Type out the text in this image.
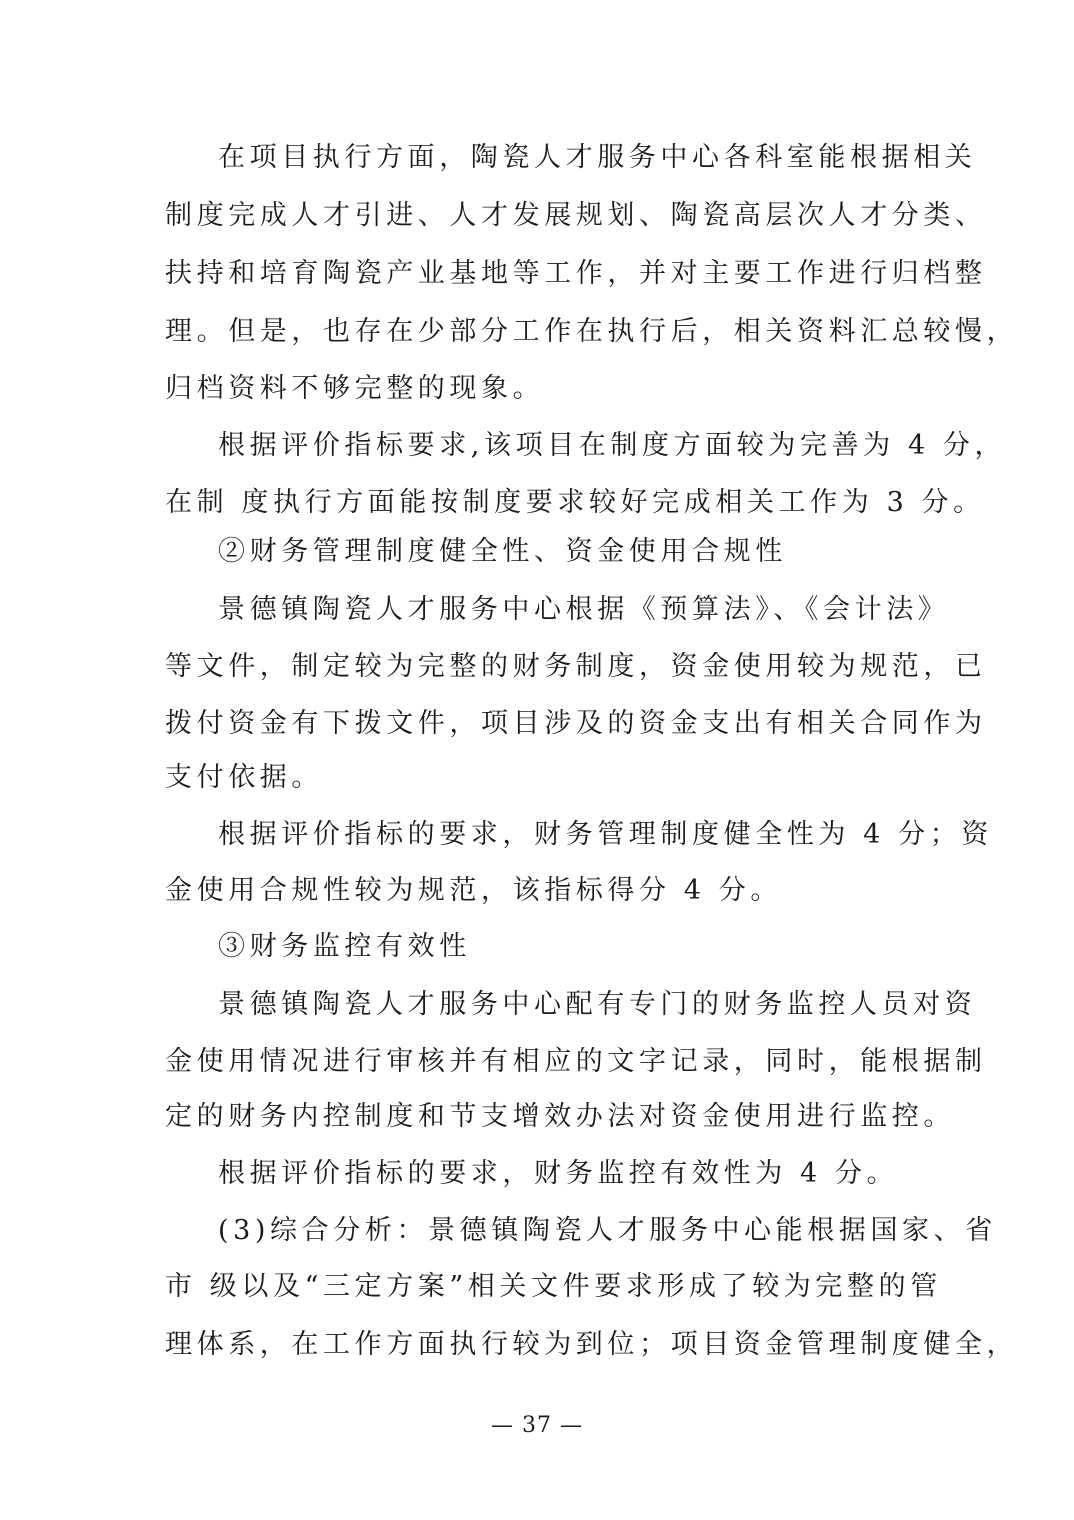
在项目执行方面，陶瓷人才服务中心各科室能根据相关
制度完成人才引进、人才发展规划、陶瓷高层次人才分类、
扶持和培育陶瓷产业基地等工作，并对主要工作进行归档整
理。但是，也存在少部分工作在执行后，相关资料汇总较慢，
归档资料不够完整的现象。
根据评价指标要求,该项目在制度方面较为完善为 4 分，
在制 度执行方面能按制度要求较好完成相关工作为 3 分。
②财务管理制度健全性、资金使用合规性
景德镇陶瓷人才服务中心根据《预算法》、《会计法》
等文件，制定较为完整的财务制度，资金使用较为规范，已
拨付资金有下拨文件，项目涉及的资金支出有相关合同作为
支付依据。
根据评价指标的要求，财务管理制度健全性为 4 分；资
金使用合规性较为规范，该指标得分 4 分。
③财务监控有效性
景德镇陶瓷人才服务中心配有专门的财务监控人员对资
金使用情况进行审核并有相应的文字记录，同时，能根据制
定的财务内控制度和节支增效办法对资金使用进行监控。
根据评价指标的要求，财务监控有效性为 4 分。
(3)综合分析：景德镇陶瓷人才服务中心能根据国家、省
市 级以及“三定方案”相关文件要求形成了较为完整的管
理体系，在工作方面执行较为到位；项目资金管理制度健全，
— 37 —
